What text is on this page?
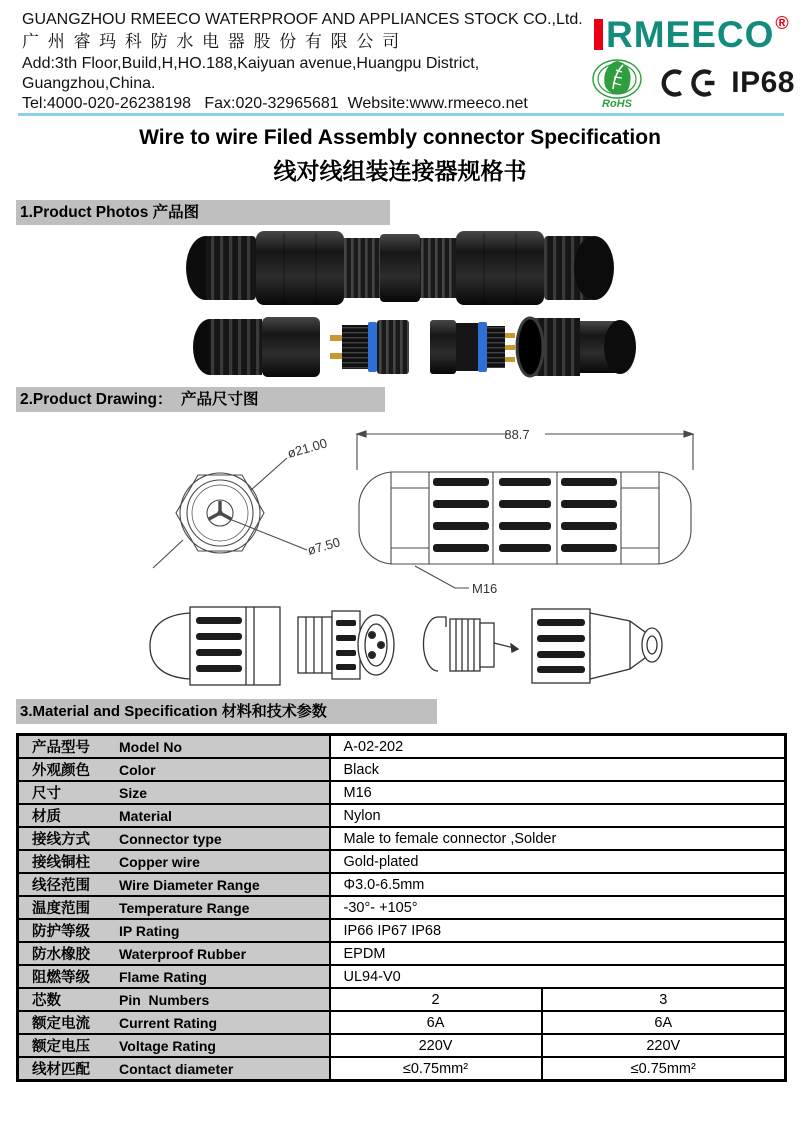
GUANGZHOU RMEECO WATERPROOF AND APPLIANCES STOCK CO.,Ltd.
广 州 睿 玛 科 防 水 电 器 股 份 有 限 公 司
Add:3th Floor,Build,H,HO.188,Kaiyuan avenue,Huangpu District,
Guangzhou,China.
Tel:4000-020-26238198   Fax:020-32965681  Website:www.rmeeco.net
RMEECO®
RoHS
IP68
Wire to wire Filed Assembly connector Specification
线对线组装连接器规格书
1.Product Photos 产品图
2.Product Drawing：  产品尺寸图
ø21.00
ø7.50
88.7
M16
3.Material and Specification 材料和技术参数
产品型号 Model No	A-02-202	
外观颜色 Color	Black	
尺寸 Size	M16	
材质 Material	Nylon	
接线方式 Connector type	Male to female connector ,Solder	
接线铜柱 Copper wire	Gold-plated	
线径范围 Wire Diameter Range	Φ3.0-6.5mm	
温度范围 Temperature Range	-30°- +105°	
防护等级 IP Rating	IP66 IP67 IP68	
防水橡胶 Waterproof Rubber	EPDM	
阻燃等级 Flame Rating	UL94-V0	
芯数 Pin  Numbers	2	3
额定电流 Current Rating	6A	6A
额定电压 Voltage Rating	220V	220V
线材匹配 Contact diameter	≤0.75mm²	≤0.75mm²
